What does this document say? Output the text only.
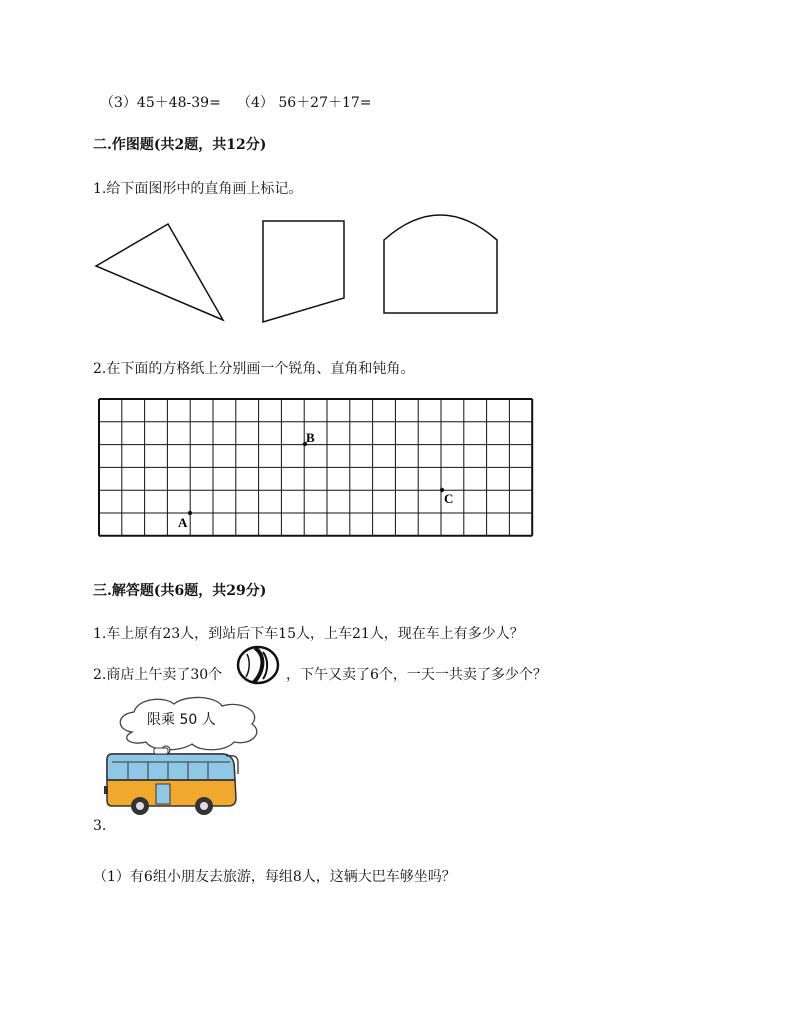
（3）45＋48-39= （4） 56＋27＋17=
二.作图题(共2题，共12分)
1.给下面图形中的直角画上标记。
2.在下面的方格纸上分别画一个锐角、直角和钝角。
A
B
C
三.解答题(共6题，共29分)
1.车上原有23人，到站后下车15人，上车21人，现在车上有多少人？
2.商店上午卖了30个	，下午又卖了6个，一天一共卖了多少个？
限乘 50 人
3.
（1）有6组小朋友去旅游，每组8人，这辆大巴车够坐吗？
